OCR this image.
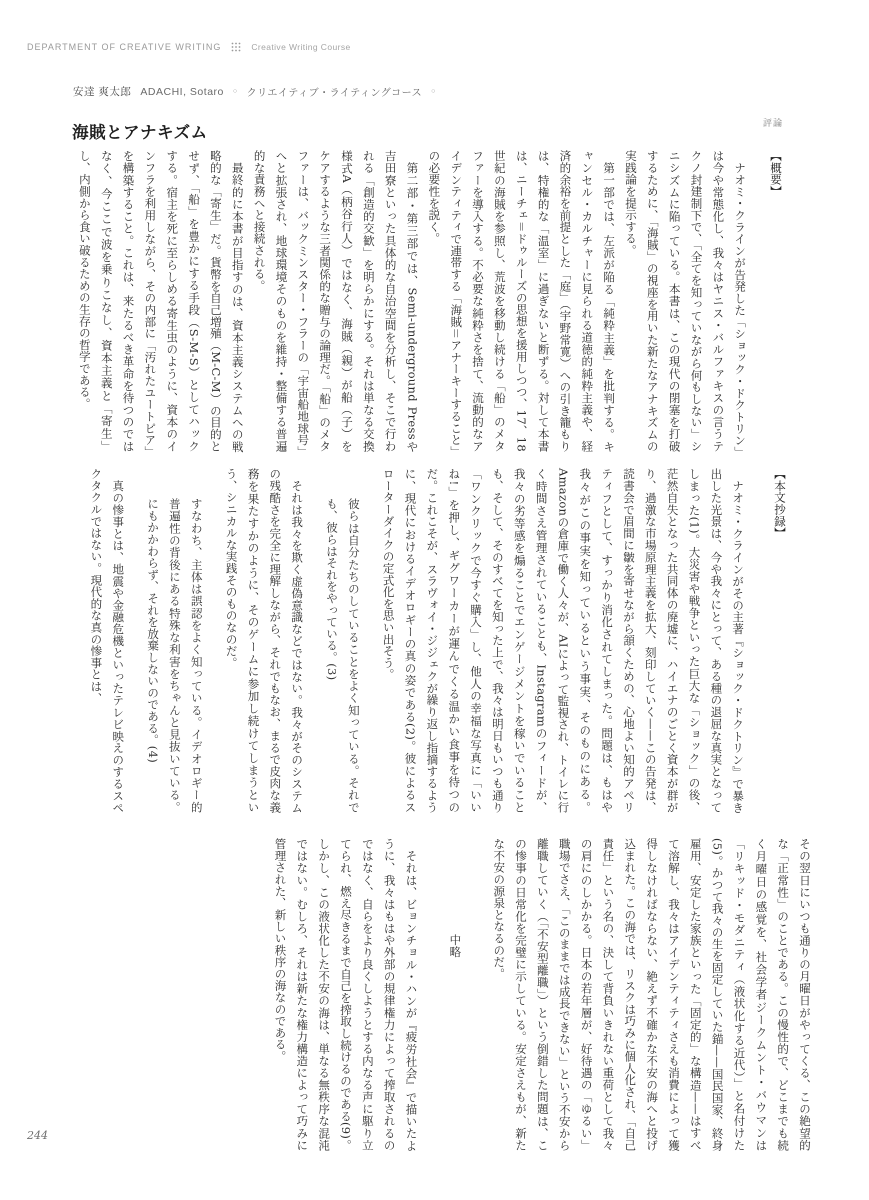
DEPARTMENT OF CREATIVE WRITING	Creative Writing Course
安達 爽太郎 ADACHI, Sotaro ○ クリエイティブ・ライティングコース ○
海賊とアナキズム
評論

【概要】

ナオミ・クラインが告発した「ショック・ドクトリン」は今や常態化し、我々はヤニス・バルファキスの言うテクノ封建制下で、「全てを知っていながら何もしない」シニシズムに陥っている。本書は、この現代の閉塞を打破するために、「海賊」の視座を用いた新たなアナキズムの実践論を提示する。

第一部では、左派が陥る「純粋主義」を批判する。キャンセル・カルチャーに見られる道徳的純粋主義や、経済的余裕を前提とした「庭」（宇野常寛）への引き籠もりは、特権的な「温室」に過ぎないと断ずる。対して本書は、ニーチェ＝ドゥルーズの思想を援用しつつ、17、18世紀の海賊を参照し、荒波を移動し続ける「船」のメタファーを導入する。不必要な純粋さを捨て、流動的なアイデンティティで連帯する「海賊＝アナーキーすること」の必要性を説く。

第二部・第三部では、Semi-underground Pressや吉田寮といった具体的な自治空間を分析し、そこで行われる「創造的交歓」を明らかにする。それは単なる交換様式A（柄谷行人）ではなく、海賊（親）が船（子）をケアするような三者関係的な贈与の論理だ。「船」のメタファーは、バックミンスター・フラーの「宇宙船地球号」へと拡張され、地球環境そのものを維持・整備する普遍的な責務へと接続される。

最終的に本書が目指すのは、資本主義システムへの戦略的な「寄生」だ。貨幣を自己増殖（M-C-M）の目的とせず、「船」を豊かにする手段（S-M-S）としてハックする。宿主を死に至らしめる寄生虫のように、資本のインフラを利用しながら、その内部に「汚れたユートピア」を構築すること。これは、来たるべき革命を待つのではなく、今ここで波を乗りこなし、資本主義と「寄生」し、内側から食い破るための生存の哲学である。

【本文抄録】

ナオミ・クラインがその主著『ショック・ドクトリン』で暴き出した光景は、今や我々にとって、ある種の退屈な真実となってしまった(1)。大災害や戦争といった巨大な「ショック」の後、茫然自失となった共同体の廃墟に、ハイエナのごとく資本が群がり、過激な市場原理主義を拡大、刻印していく——この告発は、読書会で眉間に皺を寄せながら頷くための、心地よい知的アペリティフとして、すっかり消化されてしまった。問題は、もはや我々がこの事実を知っているという事実、そのものにある。Amazonの倉庫で働く人々が、AIによって監視され、トイレに行く時間さえ管理されていることも、Instagramのフィードが、我々の劣等感を煽ることでエンゲージメントを稼いでいることも、そして、そのすべてを知った上で、我々は明日もいつも通り「ワンクリックで今すぐ購入」し、他人の幸福な写真に「いいね!」を押し、ギグワーカーが運んでくる温かい食事を待つのだ。これこそが、スラヴォイ・ジジェクが繰り返し指摘するように、現代におけるイデオロギーの真の姿である(2)。彼によるスローターダイクの定式化を思い出そう。

彼らは自分たちのしていることをよく知っている。それでも、彼らはそれをやっている。(3)

それは我々を欺く虚偽意識などではない。我々がそのシステムの残酷さを完全に理解しながら、それでもなお、まるで皮肉な義務を果たすかのように、そのゲームに参加し続けてしまうという、シニカルな実践そのものなのだ。

すなわち、主体は誤認をよく知っている。イデオロギー的普遍性の背後にある特殊な利害をちゃんと見抜いている。にもかかわらず、それを放棄しないのである。(4)

真の惨事とは、地震や金融危機といったテレビ映えのするスペクタクルではない。現代的な真の惨事とは、

その翌日にいつも通りの月曜日がやってくる、この絶望的な「正常性」のことである。この慢性的で、どこまでも続く月曜日の感覚を、社会学者ジークムント・バウマンは「リキッド・モダニティ（液状化する近代）」と名付けた(5)。かつて我々の生を固定していた錨——国民国家、終身雇用、安定した家族といった「固定的」な構造——はすべて溶解し、我々はアイデンティティさえも消費によって獲得しなければならない、絶えず不確かな不安の海へと投げ込まれた。この海では、リスクは巧みに個人化され、「自己責任」という名の、決して背負いきれない重荷として我々の肩にのしかかる。日本の若年層が、好待遇の「ゆるい」職場でさえ、「このままでは成長できない」という不安から離職していく（「不安型離職」）という倒錯した問題は、この惨事の日常化を完璧に示している。安定さえもが、新たな不安の源泉となるのだ。

中略

それは、ビョンチョル・ハンが『疲労社会』で描いたように、我々はもはや外部の規律権力によって搾取されるのではなく、自らをより良くしようとする内なる声に駆り立てられ、燃え尽きるまで自己を搾取し続けるのである(9)。しかし、この液状化した不安の海は、単なる無秩序な混沌ではない。むしろ、それは新たな権力構造によって巧みに管理された、新しい秩序の海なのである。

244
